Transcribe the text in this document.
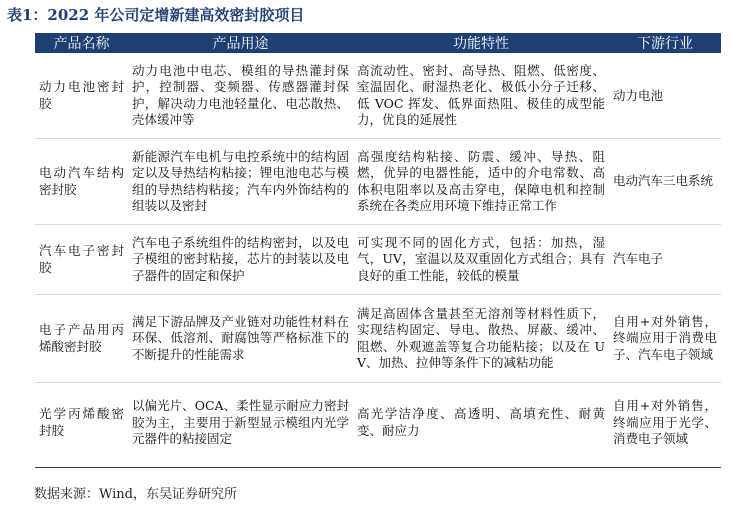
表1：2022 年公司定增新建高效密封胶项目
产品名称	产品用途	功能特性	下游行业
动力电池密封胶	动力电池中电芯、模组的导热灌封保护，控制器、变频器、传感器灌封保护，解决动力电池轻量化、电芯散热、壳体缓冲等	高流动性、密封、高导热、阻燃、低密度、室温固化、耐湿热老化、极低小分子迁移、低 VOC 挥发、低界面热阻、极佳的成型能力，优良的延展性	动力电池
电动汽车结构密封胶	新能源汽车电机与电控系统中的结构固定以及导热结构粘接；锂电池电芯与模组的导热结构粘接；汽车内外饰结构的组装以及密封	高强度结构粘接、防震、缓冲、导热、阻燃，优异的电器性能，适中的介电常数、高体积电阻率以及高击穿电，保障电机和控制系统在各类应用环境下维持正常工作	电动汽车三电系统
汽车电子密封胶	汽车电子系统组件的结构密封，以及电子模组的密封粘接，芯片的封装以及电子器件的固定和保护	可实现不同的固化方式，包括：加热，湿气，UV，室温以及双重固化方式组合；具有良好的重工性能，较低的模量	汽车电子
电子产品用丙烯酸密封胶	满足下游品牌及产业链对功能性材料在环保、低溶剂、耐腐蚀等严格标准下的不断提升的性能需求	满足高固体含量甚至无溶剂等材料性质下，实现结构固定、导电、散热、屏蔽、缓冲、阻燃、外观遮盖等复合功能粘接；以及在 UV、加热、拉伸等条件下的减粘功能	自用+对外销售，终端应用于消费电子、汽车电子领域
光学丙烯酸密封胶	以偏光片、OCA、柔性显示耐应力密封胶为主，主要用于新型显示模组内光学元器件的粘接固定	高光学洁净度、高透明、高填充性、耐黄变、耐应力	自用+对外销售，终端应用于光学、消费电子领域
数据来源：Wind，东吴证券研究所
